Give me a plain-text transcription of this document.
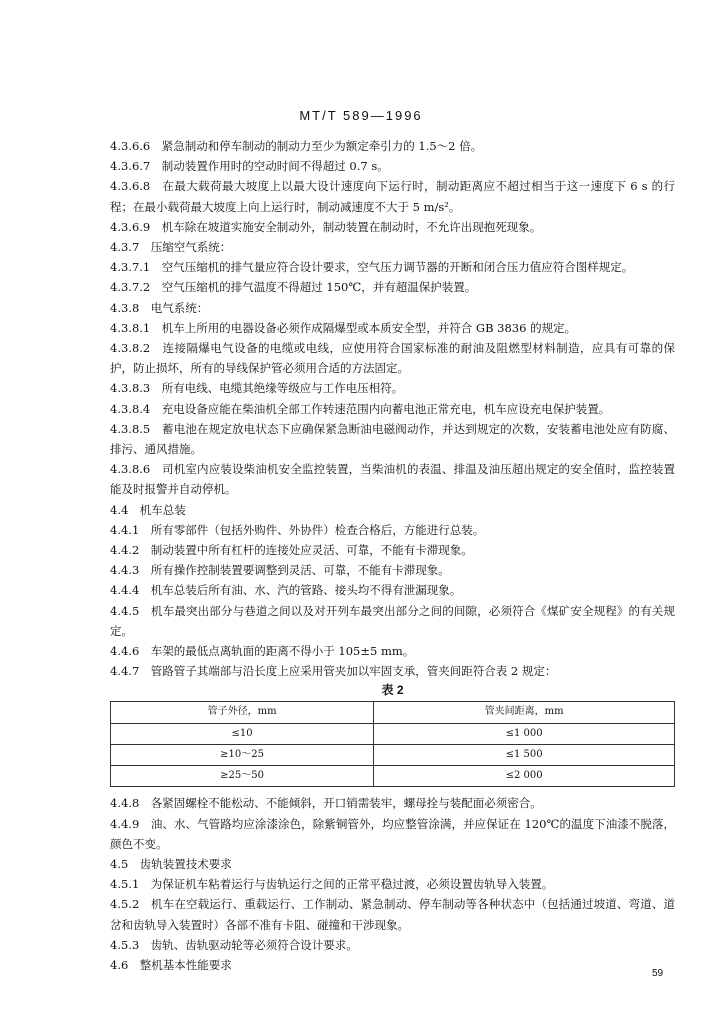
MT/T 589—1996

4.3.6.6　紧急制动和停车制动的制动力至少为额定牵引力的 1.5～2 倍。

4.3.6.7　制动装置作用时的空动时间不得超过 0.7 s。

4.3.6.8　在最大载荷最大坡度上以最大设计速度向下运行时，制动距离应不超过相当于这一速度下 6 s 的行程；在最小载荷最大坡度上向上运行时，制动减速度不大于 5 m/s²。

4.3.6.9　机车除在坡道实施安全制动外，制动装置在制动时，不允许出现抱死现象。

4.3.7　压缩空气系统：

4.3.7.1　空气压缩机的排气量应符合设计要求，空气压力调节器的开断和闭合压力值应符合图样规定。

4.3.7.2　空气压缩机的排气温度不得超过 150℃，并有超温保护装置。

4.3.8　电气系统：

4.3.8.1　机车上所用的电器设备必须作成隔爆型或本质安全型，并符合 GB 3836 的规定。

4.3.8.2　连接隔爆电气设备的电缆或电线，应使用符合国家标准的耐油及阻燃型材料制造，应具有可靠的保护，防止损坏，所有的导线保护管必须用合适的方法固定。

4.3.8.3　所有电线、电缆其绝缘等级应与工作电压相符。

4.3.8.4　充电设备应能在柴油机全部工作转速范围内向蓄电池正常充电，机车应设充电保护装置。

4.3.8.5　蓄电池在规定放电状态下应确保紧急断油电磁阀动作，并达到规定的次数，安装蓄电池处应有防腐、排污、通风措施。

4.3.8.6　司机室内应装设柴油机安全监控装置，当柴油机的表温、排温及油压超出规定的安全值时，监控装置能及时报警并自动停机。

4.4　机车总装

4.4.1　所有零部件（包括外购件、外协件）检查合格后，方能进行总装。

4.4.2　制动装置中所有杠杆的连接处应灵活、可靠，不能有卡滞现象。

4.4.3　所有操作控制装置要调整到灵活、可靠，不能有卡滞现象。

4.4.4　机车总装后所有油、水、汽的管路、接头均不得有泄漏现象。

4.4.5　机车最突出部分与巷道之间以及对开列车最突出部分之间的间隙，必须符合《煤矿安全规程》的有关规定。

4.4.6　车架的最低点离轨面的距离不得小于 105±5 mm。

4.4.7　管路管子其端部与沿长度上应采用管夹加以牢固支承，管夹间距符合表 2 规定：

表 2

管子外径，mm	管夹间距离，mm
≤10	≤1 000
≥10～25	≤1 500
≥25～50	≤2 000

4.4.8　各紧固螺栓不能松动、不能倾斜，开口销需装牢，螺母拴与装配面必须密合。

4.4.9　油、水、气管路均应涂漆涂色，除紫铜管外，均应整管涂满，并应保证在 120℃的温度下油漆不脱落，颜色不变。

4.5　齿轨装置技术要求

4.5.1　为保证机车粘着运行与齿轨运行之间的正常平稳过渡，必须设置齿轨导入装置。

4.5.2　机车在空载运行、重载运行、工作制动、紧急制动、停车制动等各种状态中（包括通过坡道、弯道、道岔和齿轨导入装置时）各部不准有卡阻、碰撞和干涉现象。

4.5.3　齿轨、齿轨驱动轮等必须符合设计要求。

4.6　整机基本性能要求

59
